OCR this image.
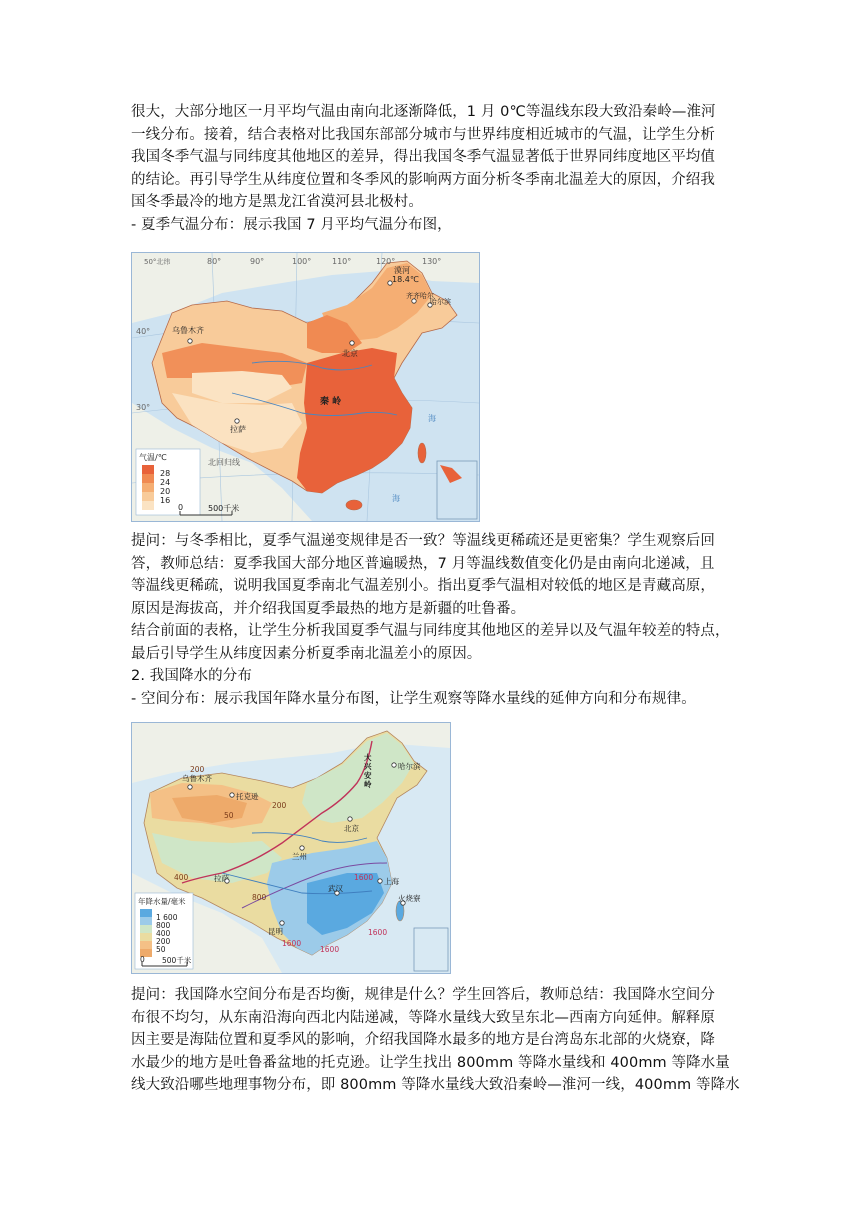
很大，大部分地区一月平均气温由南向北逐渐降低，1 月 0℃等温线东段大致沿秦岭—淮河
一线分布。接着，结合表格对比我国东部部分城市与世界纬度相近城市的气温，让学生分析
我国冬季气温与同纬度其他地区的差异，得出我国冬季气温显著低于世界同纬度地区平均值
的结论。再引导学生从纬度位置和冬季风的影响两方面分析冬季南北温差大的原因，介绍我
国冬季最冷的地方是黑龙江省漠河县北极村。
- 夏季气温分布：展示我国 7 月平均气温分布图，
气温/℃
28
24
20
16
0	500千米
乌鲁木齐
漠河
18.4℃
齐齐哈尔
哈尔滨
北京
拉萨
秦 岭
北回归线
海
海
50°北纬
40°
30°
80°	90°	100°	110°	120°	130°
提问：与冬季相比，夏季气温递变规律是否一致？等温线更稀疏还是更密集？学生观察后回
答，教师总结：夏季我国大部分地区普遍暖热，7 月等温线数值变化仍是由南向北递减，且
等温线更稀疏，说明我国夏季南北气温差别小。指出夏季气温相对较低的地区是青藏高原，
原因是海拔高，并介绍我国夏季最热的地方是新疆的吐鲁番。
结合前面的表格，让学生分析我国夏季气温与同纬度其他地区的差异以及气温年较差的特点，
最后引导学生从纬度因素分析夏季南北温差小的原因。
2. 我国降水的分布
- 空间分布：展示我国年降水量分布图，让学生观察等降水量线的延伸方向和分布规律。
年降水量/毫米
1 600
800
400
200
50
0 500千米
乌鲁木齐
托克逊
哈尔滨
大兴安岭
北京
兰州
拉萨
武汉
上海
昆明
火烧寮
200
200
50
400
800
1600
1600
1600
1600
提问：我国降水空间分布是否均衡，规律是什么？学生回答后，教师总结：我国降水空间分
布很不均匀，从东南沿海向西北内陆递减，等降水量线大致呈东北—西南方向延伸。解释原
因主要是海陆位置和夏季风的影响，介绍我国降水最多的地方是台湾岛东北部的火烧寮，降
水最少的地方是吐鲁番盆地的托克逊。让学生找出 800mm 等降水量线和 400mm 等降水量
线大致沿哪些地理事物分布，即 800mm 等降水量线大致沿秦岭—淮河一线，400mm 等降水
